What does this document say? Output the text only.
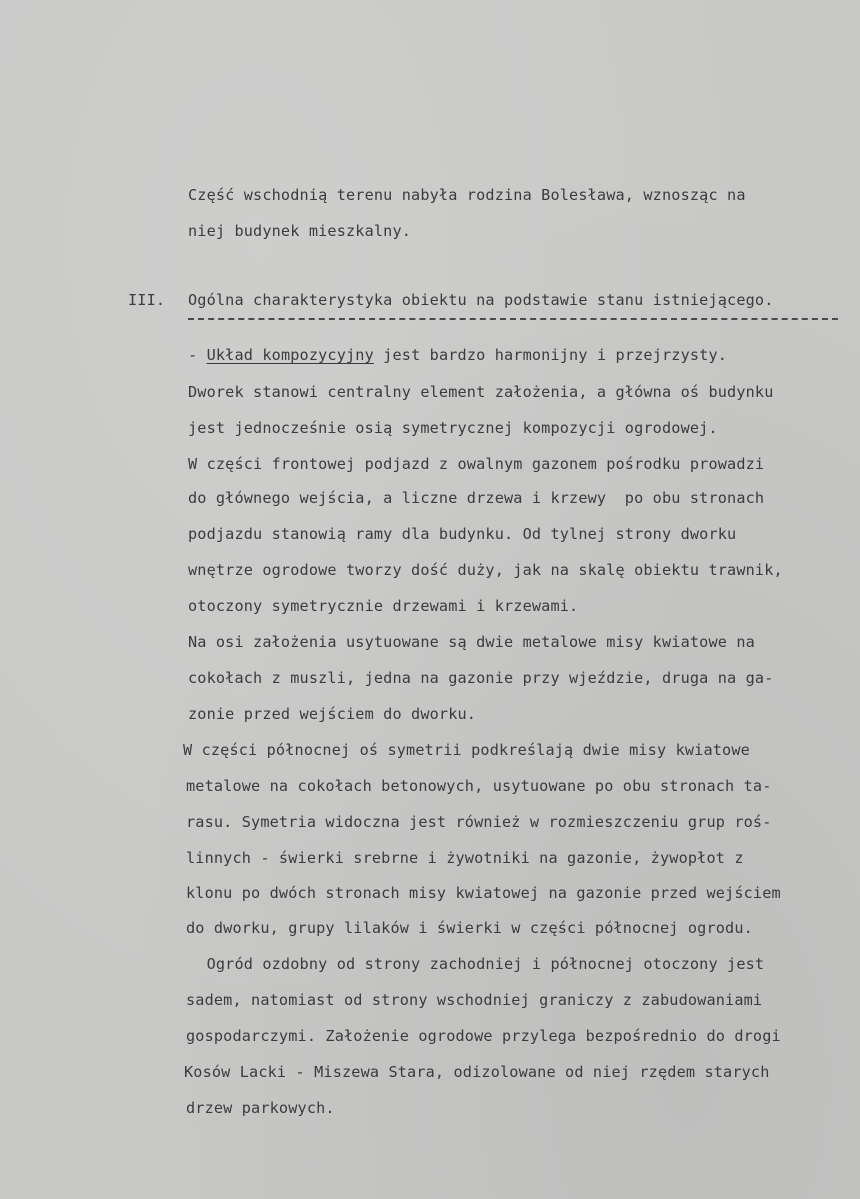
Część wschodnią terenu nabyła rodzina Bolesława, wznosząc na
niej budynek mieszkalny.
III. Ogólna charakterystyka obiektu na podstawie stanu istniejącego.
- Układ kompozycyjny jest bardzo harmonijny i przejrzysty.
Dworek stanowi centralny element założenia, a główna oś budynku
jest jednocześnie osią symetrycznej kompozycji ogrodowej.
W części frontowej podjazd z owalnym gazonem pośrodku prowadzi
do głównego wejścia, a liczne drzewa i krzewy  po obu stronach
podjazdu stanowią ramy dla budynku. Od tylnej strony dworku
wnętrze ogrodowe tworzy dość duży, jak na skalę obiektu trawnik,
otoczony symetrycznie drzewami i krzewami.
Na osi założenia usytuowane są dwie metalowe misy kwiatowe na
cokołach z muszli, jedna na gazonie przy wjeździe, druga na ga-
zonie przed wejściem do dworku.
W części północnej oś symetrii podkreślają dwie misy kwiatowe
metalowe na cokołach betonowych, usytuowane po obu stronach ta-
rasu. Symetria widoczna jest również w rozmieszczeniu grup roś-
linnych - świerki srebrne i żywotniki na gazonie, żywopłot z
klonu po dwóch stronach misy kwiatowej na gazonie przed wejściem
do dworku, grupy lilaków i świerki w części północnej ogrodu.
Ogród ozdobny od strony zachodniej i północnej otoczony jest
sadem, natomiast od strony wschodniej graniczy z zabudowaniami
gospodarczymi. Założenie ogrodowe przylega bezpośrednio do drogi
Kosów Lacki - Miszewa Stara, odizolowane od niej rzędem starych
drzew parkowych.
